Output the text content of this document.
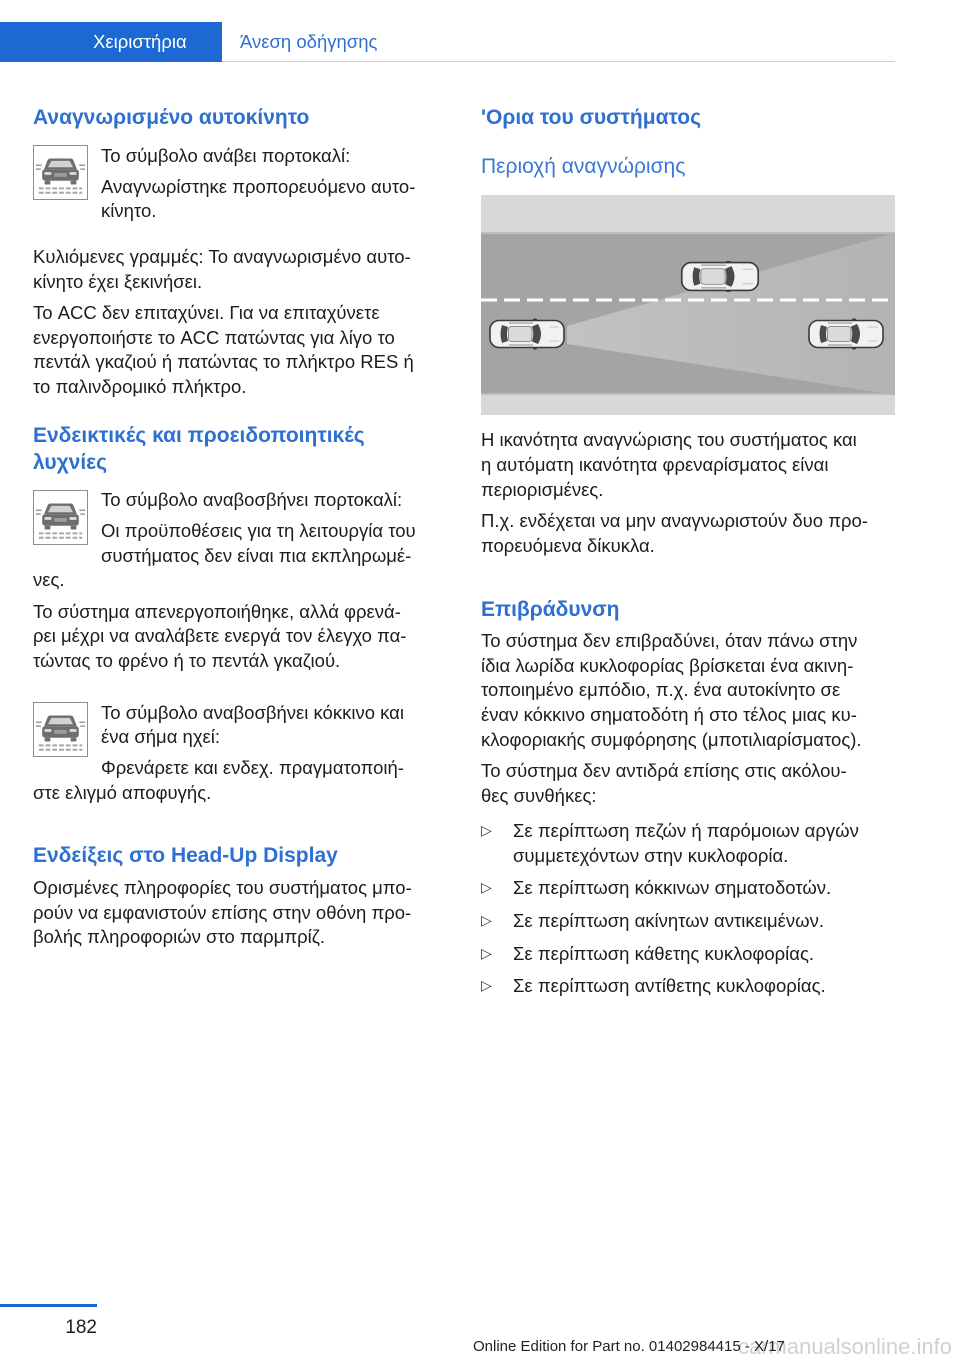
Χειριστήρια	Άνεση οδήγησης
Αναγνωρισμένο αυτοκίνητο
Το σύμβολο ανάβει πορτοκαλί:
Αναγνωρίστηκε προπορευόμενο αυτο-
κίνητο.
Κυλιόμενες γραμμές: Το αναγνωρισμένο αυτο-
κίνητο έχει ξεκινήσει.
Το ACC δεν επιταχύνει. Για να επιταχύνετε
ενεργοποιήστε το ACC πατώντας για λίγο το
πεντάλ γκαζιού ή πατώντας το πλήκτρο RES ή
το παλινδρομικό πλήκτρο.
Ενδεικτικές και προειδοποιητικές
λυχνίες
Το σύμβολο αναβοσβήνει πορτοκαλί:
Οι προϋποθέσεις για τη λειτουργία του
συστήματος δεν είναι πια εκπληρωμέ-
νες.
Το σύστημα απενεργοποιήθηκε, αλλά φρενά-
ρει μέχρι να αναλάβετε ενεργά τον έλεγχο πα-
τώντας το φρένο ή το πεντάλ γκαζιού.
Το σύμβολο αναβοσβήνει κόκκινο και
ένα σήμα ηχεί:
Φρενάρετε και ενδεχ. πραγματοποιή-
στε ελιγμό αποφυγής.
Ενδείξεις στο Head-Up Display
Ορισμένες πληροφορίες του συστήματος μπο-
ρούν να εμφανιστούν επίσης στην οθόνη προ-
βολής πληροφοριών στο παρμπρίζ.
'Ορια του συστήματος
Περιοχή αναγνώρισης
Η ικανότητα αναγνώρισης του συστήματος και
η αυτόματη ικανότητα φρεναρίσματος είναι
περιορισμένες.
Π.χ. ενδέχεται να μην αναγνωριστούν δυο προ-
πορευόμενα δίκυκλα.
Επιβράδυνση
Το σύστημα δεν επιβραδύνει, όταν πάνω στην
ίδια λωρίδα κυκλοφορίας βρίσκεται ένα ακινη-
τοποιημένο εμπόδιο, π.χ. ένα αυτοκίνητο σε
έναν κόκκινο σηματοδότη ή στο τέλος μιας κυ-
κλοφοριακής συμφόρησης (μποτιλιαρίσματος).
Το σύστημα δεν αντιδρά επίσης στις ακόλου-
θες συνθήκες:
▷ Σε περίπτωση πεζών ή παρόμοιων αργών
συμμετεχόντων στην κυκλοφορία.
▷ Σε περίπτωση κόκκινων σηματοδοτών.
▷ Σε περίπτωση ακίνητων αντικειμένων.
▷ Σε περίπτωση κάθετης κυκλοφορίας.
▷ Σε περίπτωση αντίθετης κυκλοφορίας.
182
carmanualsonline.info
Online Edition for Part no. 01402984415 - X/17
